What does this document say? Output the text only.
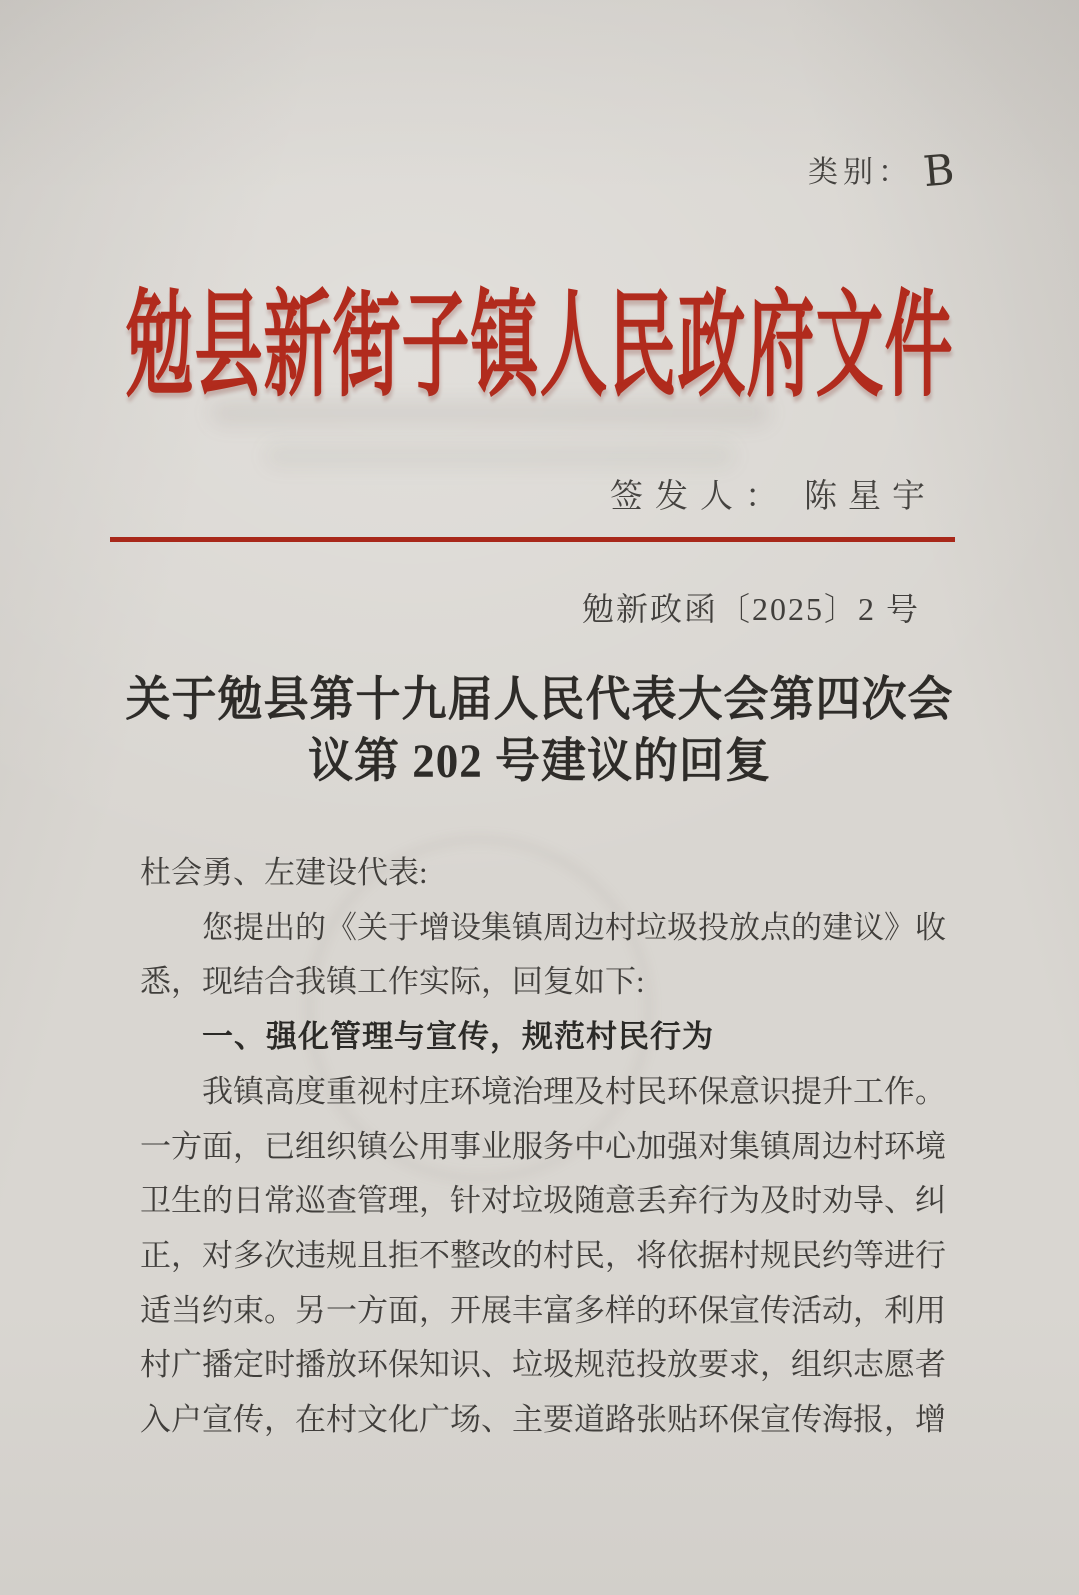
类别： B
勉县新街子镇人民政府文件
签发人： 陈星宇
勉新政函〔2025〕2 号
关于勉县第十九届人民代表大会第四次会
议第 202 号建议的回复
杜会勇、左建设代表:
您提出的《关于增设集镇周边村垃圾投放点的建议》收
悉，现结合我镇工作实际，回复如下:
一、强化管理与宣传，规范村民行为
我镇高度重视村庄环境治理及村民环保意识提升工作。
一方面，已组织镇公用事业服务中心加强对集镇周边村环境
卫生的日常巡查管理，针对垃圾随意丢弃行为及时劝导、纠
正，对多次违规且拒不整改的村民，将依据村规民约等进行
适当约束。另一方面，开展丰富多样的环保宣传活动，利用
村广播定时播放环保知识、垃圾规范投放要求，组织志愿者
入户宣传，在村文化广场、主要道路张贴环保宣传海报，增
